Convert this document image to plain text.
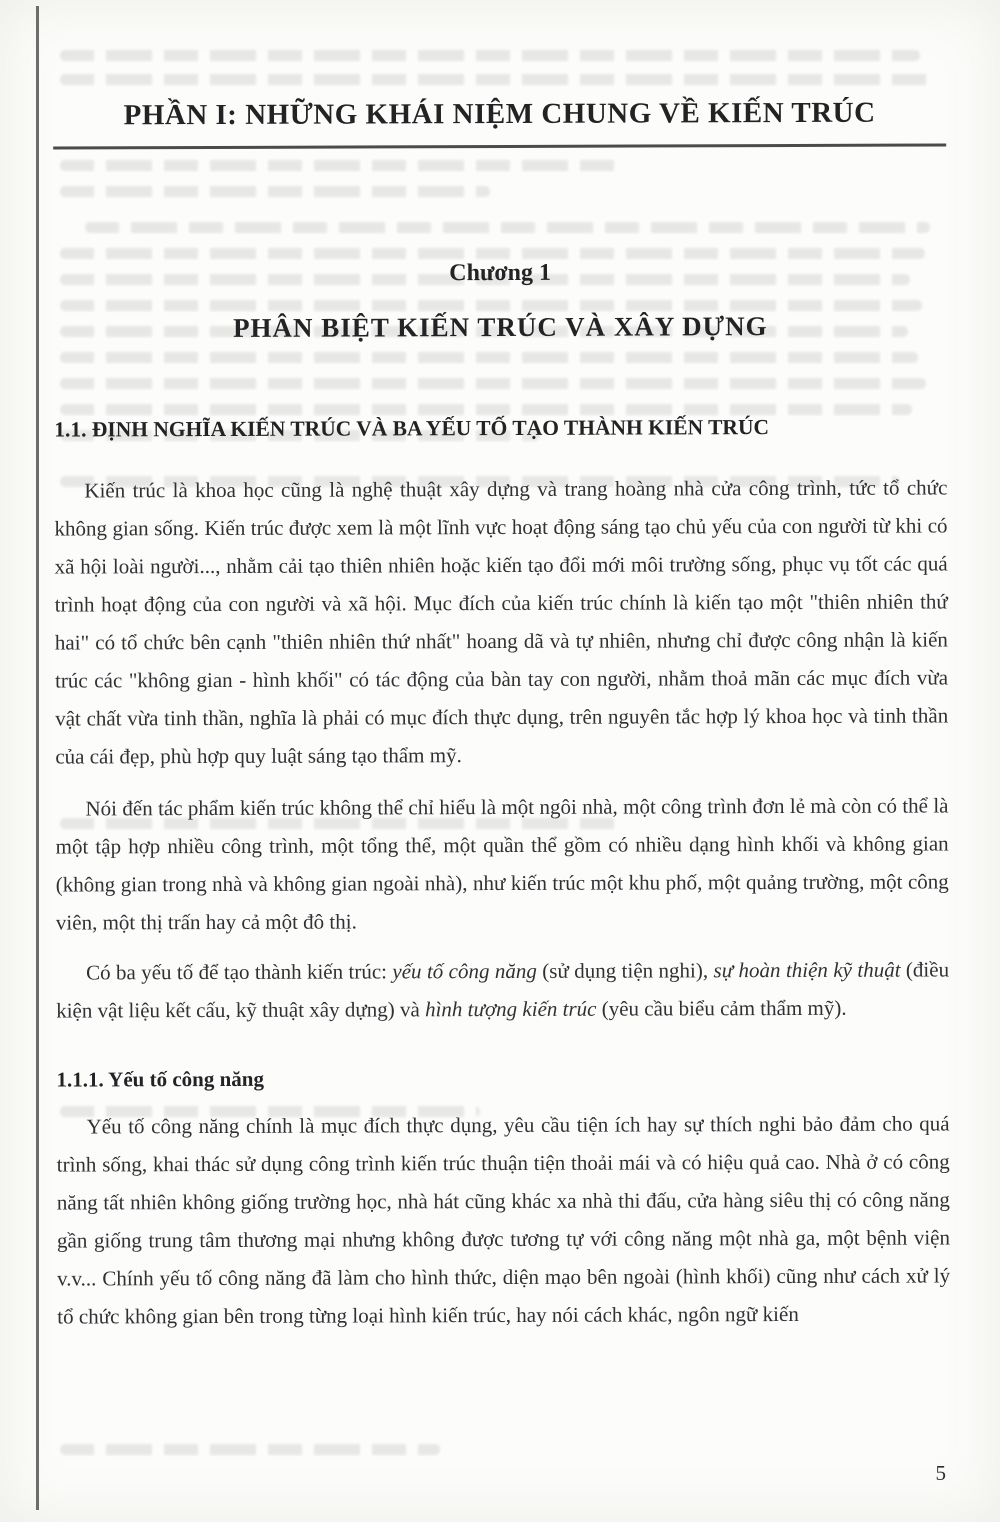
PHẦN I: NHỮNG KHÁI NIỆM CHUNG VỀ KIẾN TRÚC
Chương 1
PHÂN BIỆT KIẾN TRÚC VÀ XÂY DỰNG
1.1. ĐỊNH NGHĨA KIẾN TRÚC VÀ BA YẾU TỐ TẠO THÀNH KIẾN TRÚC

Kiến trúc là khoa học cũng là nghệ thuật xây dựng và trang hoàng nhà cửa công trình, tức tổ chức không gian sống. Kiến trúc được xem là một lĩnh vực hoạt động sáng tạo chủ yếu của con người từ khi có xã hội loài người..., nhằm cải tạo thiên nhiên hoặc kiến tạo đổi mới môi trường sống, phục vụ tốt các quá trình hoạt động của con người và xã hội. Mục đích của kiến trúc chính là kiến tạo một "thiên nhiên thứ hai" có tổ chức bên cạnh "thiên nhiên thứ nhất" hoang dã và tự nhiên, nhưng chỉ được công nhận là kiến trúc các "không gian - hình khối" có tác động của bàn tay con người, nhằm thoả mãn các mục đích vừa vật chất vừa tinh thần, nghĩa là phải có mục đích thực dụng, trên nguyên tắc hợp lý khoa học và tinh thần của cái đẹp, phù hợp quy luật sáng tạo thẩm mỹ.

Nói đến tác phẩm kiến trúc không thể chỉ hiểu là một ngôi nhà, một công trình đơn lẻ mà còn có thể là một tập hợp nhiều công trình, một tổng thể, một quần thể gồm có nhiều dạng hình khối và không gian (không gian trong nhà và không gian ngoài nhà), như kiến trúc một khu phố, một quảng trường, một công viên, một thị trấn hay cả một đô thị.

Có ba yếu tố để tạo thành kiến trúc: yếu tố công năng (sử dụng tiện nghi), sự hoàn thiện kỹ thuật (điều kiện vật liệu kết cấu, kỹ thuật xây dựng) và hình tượng kiến trúc (yêu cầu biểu cảm thẩm mỹ).

1.1.1. Yếu tố công năng

Yếu tố công năng chính là mục đích thực dụng, yêu cầu tiện ích hay sự thích nghi bảo đảm cho quá trình sống, khai thác sử dụng công trình kiến trúc thuận tiện thoải mái và có hiệu quả cao. Nhà ở có công năng tất nhiên không giống trường học, nhà hát cũng khác xa nhà thi đấu, cửa hàng siêu thị có công năng gần giống trung tâm thương mại nhưng không được tương tự với công năng một nhà ga, một bệnh viện v.v... Chính yếu tố công năng đã làm cho hình thức, diện mạo bên ngoài (hình khối) cũng như cách xử lý tổ chức không gian bên trong từng loại hình kiến trúc, hay nói cách khác, ngôn ngữ kiến

5
